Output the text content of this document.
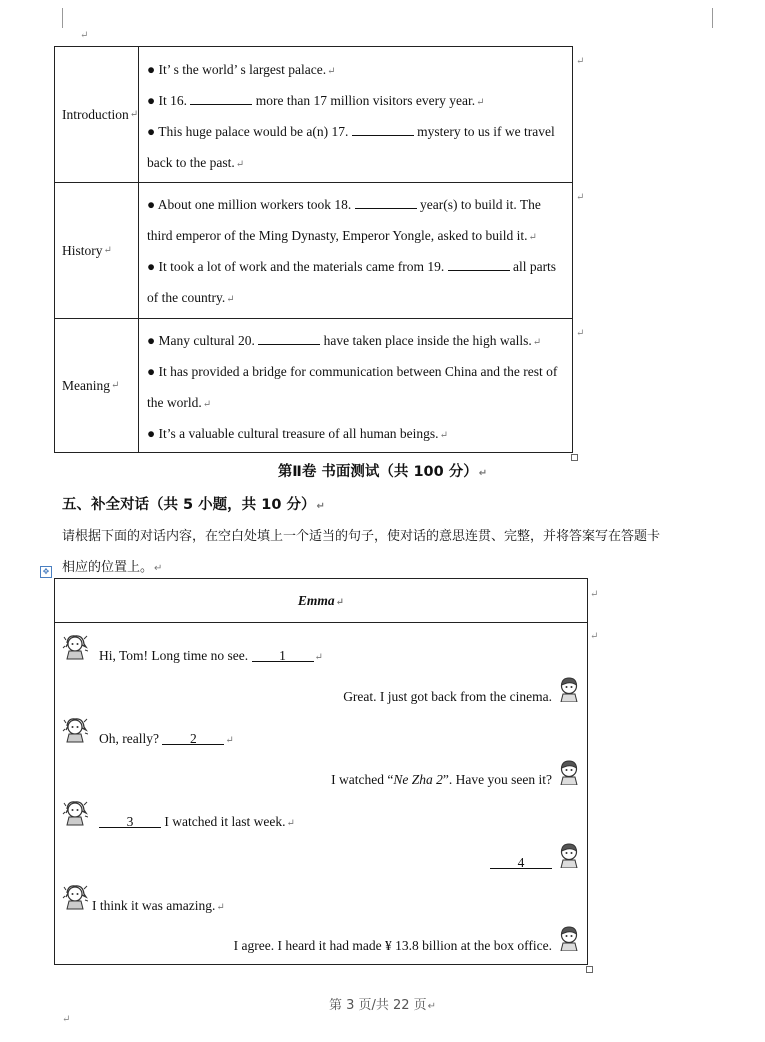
↵
Introduction ↵
● It’ s the world’ s largest palace.↵
● It 16.	more than 17 million visitors every year.↵
● This huge palace would be a(n) 17.	mystery to us if we travel
back to the past.↵
History ↵
● About one million workers took 18.	year(s) to build it. The
third emperor of the Ming Dynasty, Emperor Yongle, asked to build it.↵
● It took a lot of work and the materials came from 19.	all parts
of the country.↵
Meaning ↵
● Many cultural 20.	have taken place inside the high walls.↵
● It has provided a bridge for communication between China and the rest of
the world.↵
● It’s a valuable cultural treasure of all human beings.↵
↵
↵
↵
第Ⅱ卷 书面测试（共 100 分）↵
五、补全对话（共 5 小题，共 10 分）↵
请根据下面的对话内容，在空白处填上一个适当的句子，使对话的意思连贯、完整，并将答案写在答题卡
相应的位置上。↵
✥
Emma↵
↵
↵
Hi, Tom! Long time no see. 1	↵
Great. I just got back from the cinema.
Oh, really? 2	↵
I watched “Ne Zha 2”. Have you seen it?
3 I watched it last week.↵
4
I think it was amazing.↵
I agree. I heard it had made ¥ 13.8 billion at the box office.
第 3 页/共 22 页↵
↵
